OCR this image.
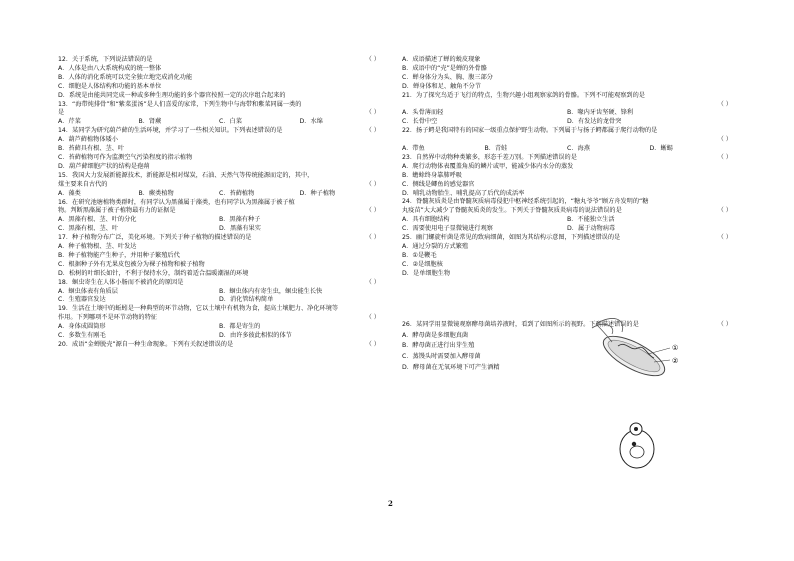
12．关于系统，下列说法错误的是	（ ）
A．人体是由八大系统构成的统一整体
B．人体的消化系统可以完全独立地完成消化功能
C．细胞是人体结构和功能的基本单位
D．系统是由能共同完成一种或多种生理功能的多个器官按照一定的次序组合起来的
13．“海带炖排骨”和“紫菜蛋汤”是人们喜爱的家常，下列生物中与海带和紫菜同属一类的
是	（ ）
A．芹菜	B．肾蕨	C．白菜	D．水绵
14．某同学为研究葫芦藓的生活环境，并学习了一些相关知识。下列表述错误的是	（ ）
A．葫芦藓植物体矮小
B．苔藓具有根、茎、叶
C．苔藓植物可作为监测空气污染程度的指示植物
D．葫芦藓细胞产状的结构是孢蒴
15．我国大力发展新能源技术，新能源是相对煤炭，石油、天然气等传统能源而定的，其中，
煤主要来自古代的	（ ）
A．藻类	B．蕨类植物	C．苔藓植物	D．种子植物
16．在研究池塘植物类群时，有同学认为黑藻属于藻类，也有同学认为黑藻属于被子植
物。判断黑藻属于被子植物最有力的证据是	（ ）
A．黑藻有根、茎、叶的分化	B．黑藻有种子
C．黑藻有根、茎、叶	D．黑藻有果实
17．种子植物分布广泛，美化环境。下列关于种子植物的描述错误的是	（ ）
A．种子植物根、茎、叶发达
B．种子植物能产生种子，并用种子繁殖后代
C．根据种子外有无果皮包被分为裸子植物和被子植物
D．松树的叶细长如针，不利于保持水分，制约着适合温暖潮湿的环境
18．蛔虫寄生在人体小肠而不被消化的原因是	（ ）
A．蛔虫体表有角质层	B．蛔虫体内有寄生虫，蛔虫能生长快
C．生殖器官发达	D．消化管结构简单
19．生活在土壤中的蚯蚓是一种典型的环节动物，它以土壤中有机物为食，提高土壤肥力、净化环境等
作用。下列哪项不是环节动物的特征	（ ）
A．身体成圆筒形	B．都是寄生的
C．多数生有刚毛	D．由许多彼此相似的体节
20．成语“金蝉脱壳”源自一种生命现象。下列有关叙述错误的是	（ ）
A．成语描述了蝉的蜕皮现象
B．成语中的“壳”是蝉的外骨骼
C．蝉身体分为头、胸、腹三部分
D．蝉身体和足、触角不分节
21．为了探究鸟适于飞行的特点，生物兴趣小组观察家鸽的骨骼。下列不可能观察到的是
（ ）
A．头骨薄而轻	B．喙内牙齿坚硬、锋利
C．长骨中空	D．有发达的龙骨突
22．扬子鳄是我国特有的国家一级重点保护野生动物。下列属于与扬子鳄都属于爬行动物的是
（ ）
A．带鱼	B．青蛙	C．海燕	D．蜥蜴
23．自然界中动物种类繁多，形态千差万别。下列描述错误的是	（ ）
A．爬行动物体表覆盖角质的鳞片或甲，能减少体内水分的蒸发
B．蟾蜍终身靠肺呼吸
C．侧线是鲫鱼的感觉器官
D．哺乳动物胎生、哺乳提高了后代的成活率
24．脊髓灰质炎是由脊髓灰质病毒侵犯中枢神经系统引起的，“糖丸爷爷”顾方舟发明的“糖
丸疫苗”大大减少了脊髓灰质炎的发生。下列关于脊髓灰质炎病毒的说法错误的是	（ ）
A．具有细胞结构	B．不能独立生活
C．需要使用电子显微镜进行观察	D．属于动物病毒
25．幽门螺旋杆菌是常见的致病细菌，如图为其结构示意图，下列描述错误的是	（ ）
A．通过分裂的方式繁殖
B．①是鞭毛
C．②是细胞核
D．是单细胞生物
26．某同学用显微镜观察酵母菌培养液时，看到了如图所示的视野。下列描述错误的是	（ ）
A．酵母菌是多细胞真菌
B．酵母菌正进行出芽生殖
C．蒸馒头时需要加入酵母菌
D．酵母菌在无氧环境下可产生酒精
①
②
2
